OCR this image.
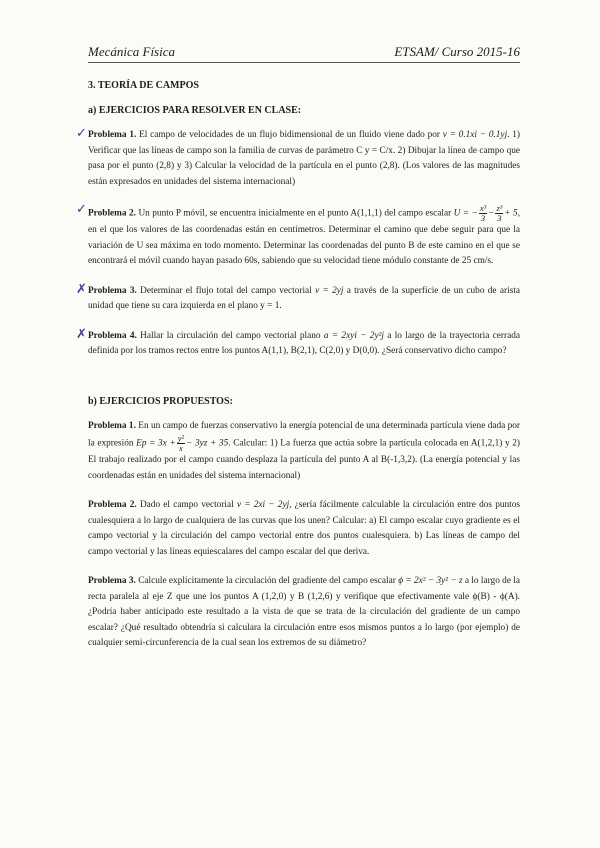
Mecánica Física	ETSAM/ Curso 2015-16
3. TEORÍA DE CAMPOS
a) EJERCICIOS PARA RESOLVER EN CLASE:

✓ Problema 1. El campo de velocidades de un flujo bidimensional de un fluido viene dado por v = 0.1xi − 0.1yj. 1) Verificar que las líneas de campo son la familia de curvas de parámetro C y = C/x. 2) Dibujar la línea de campo que pasa por el punto (2,8) y 3) Calcular la velocidad de la partícula en el punto (2,8). (Los valores de las magnitudes están expresados en unidades del sistema internacional)

✓ Problema 2. Un punto P móvil, se encuentra inicialmente en el punto A(1,1,1) del campo escalar U = − $\frac{\text{x³}}{3} - \frac{\text{z³}}{3} + 5$, en el que los valores de las coordenadas están en centímetros. Determinar el camino que debe seguir para que la variación de U sea máxima en todo momento. Determinar las coordenadas del punto B de este camino en el que se encontrará el móvil cuando hayan pasado 60s, sabiendo que su velocidad tiene módulo constante de 25 cm/s.

✗ Problema 3. Determinar el flujo total del campo vectorial v = 2yj a través de la superficie de un cubo de arista unidad que tiene su cara izquierda en el plano y = 1.

✗ Problema 4. Hallar la circulación del campo vectorial plano a = 2xyi − 2y²j a lo largo de la trayectoria cerrada definida por los tramos rectos entre los puntos A(1,1), B(2,1), C(2,0) y D(0,0). ¿Será conservativo dicho campo?

b) EJERCICIOS PROPUESTOS:

Problema 1. En un campo de fuerzas conservativo la energía potencial de una determinada partícula viene dada por la expresión $Ep = 3x + \frac{\text{y²}}{x} - 3yz + 35$. Calcular: 1) La fuerza que actúa sobre la partícula colocada en A(1,2,1) y 2) El trabajo realizado por el campo cuando desplaza la partícula del punto A al B(-1,3,2). (La energía potencial y las coordenadas están en unidades del sistema internacional)

Problema 2. Dado el campo vectorial v = 2xi − 2yj, ¿sería fácilmente calculable la circulación entre dos puntos cualesquiera a lo largo de cualquiera de las curvas que los unen? Calcular: a) El campo escalar cuyo gradiente es el campo vectorial y la circulación del campo vectorial entre dos puntos cualesquiera. b) Las líneas de campo del campo vectorial y las líneas equiescalares del campo escalar del que deriva.

Problema 3. Calcule explícitamente la circulación del gradiente del campo escalar ϕ = 2x² − 3y² − z a lo largo de la recta paralela al eje Z que une los puntos A (1,2,0) y B (1,2,6) y verifique que efectivamente vale ϕ(B) - ϕ(A). ¿Podría haber anticipado este resultado a la vista de que se trata de la circulación del gradiente de un campo escalar? ¿Qué resultado obtendría si calculara la circulación entre esos mismos puntos a lo largo (por ejemplo) de cualquier semi-circunferencia de la cual sean los extremos de su diámetro?
